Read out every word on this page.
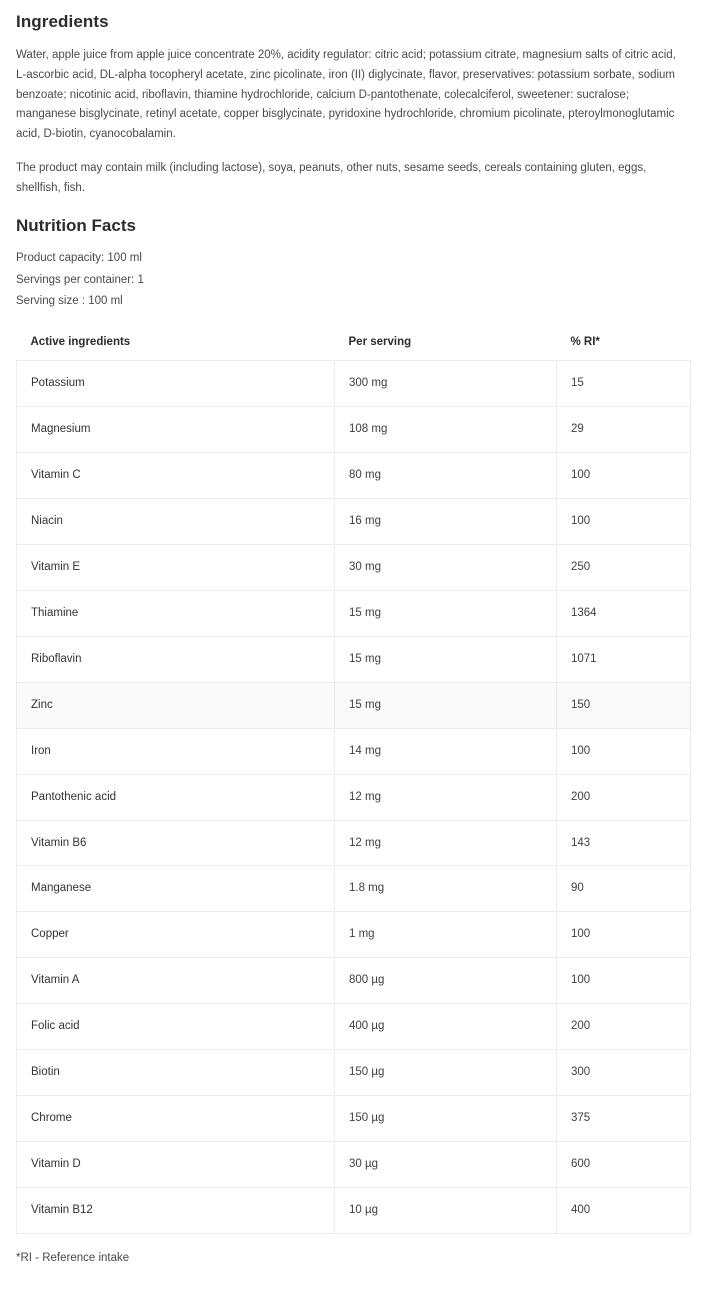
Ingredients

Water, apple juice from apple juice concentrate 20%, acidity regulator: citric acid; potassium citrate, magnesium salts of citric acid, L-ascorbic acid, DL-alpha tocopheryl acetate, zinc picolinate, iron (II) diglycinate, flavor, preservatives: potassium sorbate, sodium benzoate; nicotinic acid, riboflavin, thiamine hydrochloride, calcium D-pantothenate, colecalciferol, sweetener: sucralose; manganese bisglycinate, retinyl acetate, copper bisglycinate, pyridoxine hydrochloride, chromium picolinate, pteroylmonoglutamic acid, D-biotin, cyanocobalamin.

The product may contain milk (including lactose), soya, peanuts, other nuts, sesame seeds, cereals containing gluten, eggs, shellfish, fish.

Nutrition Facts
Product capacity: 100 ml
Servings per container: 1
Serving size : 100 ml
Active ingredients	Per serving	% RI*
Potassium	300 mg	15
Magnesium	108 mg	29
Vitamin C	80 mg	100
Niacin	16 mg	100
Vitamin E	30 mg	250
Thiamine	15 mg	1364
Riboflavin	15 mg	1071
Zinc	15 mg	150
Iron	14 mg	100
Pantothenic acid	12 mg	200
Vitamin B6	12 mg	143
Manganese	1.8 mg	90
Copper	1 mg	100
Vitamin A	800 µg	100
Folic acid	400 µg	200
Biotin	150 µg	300
Chrome	150 µg	375
Vitamin D	30 µg	600
Vitamin B12	10 µg	400

*RI - Reference intake
